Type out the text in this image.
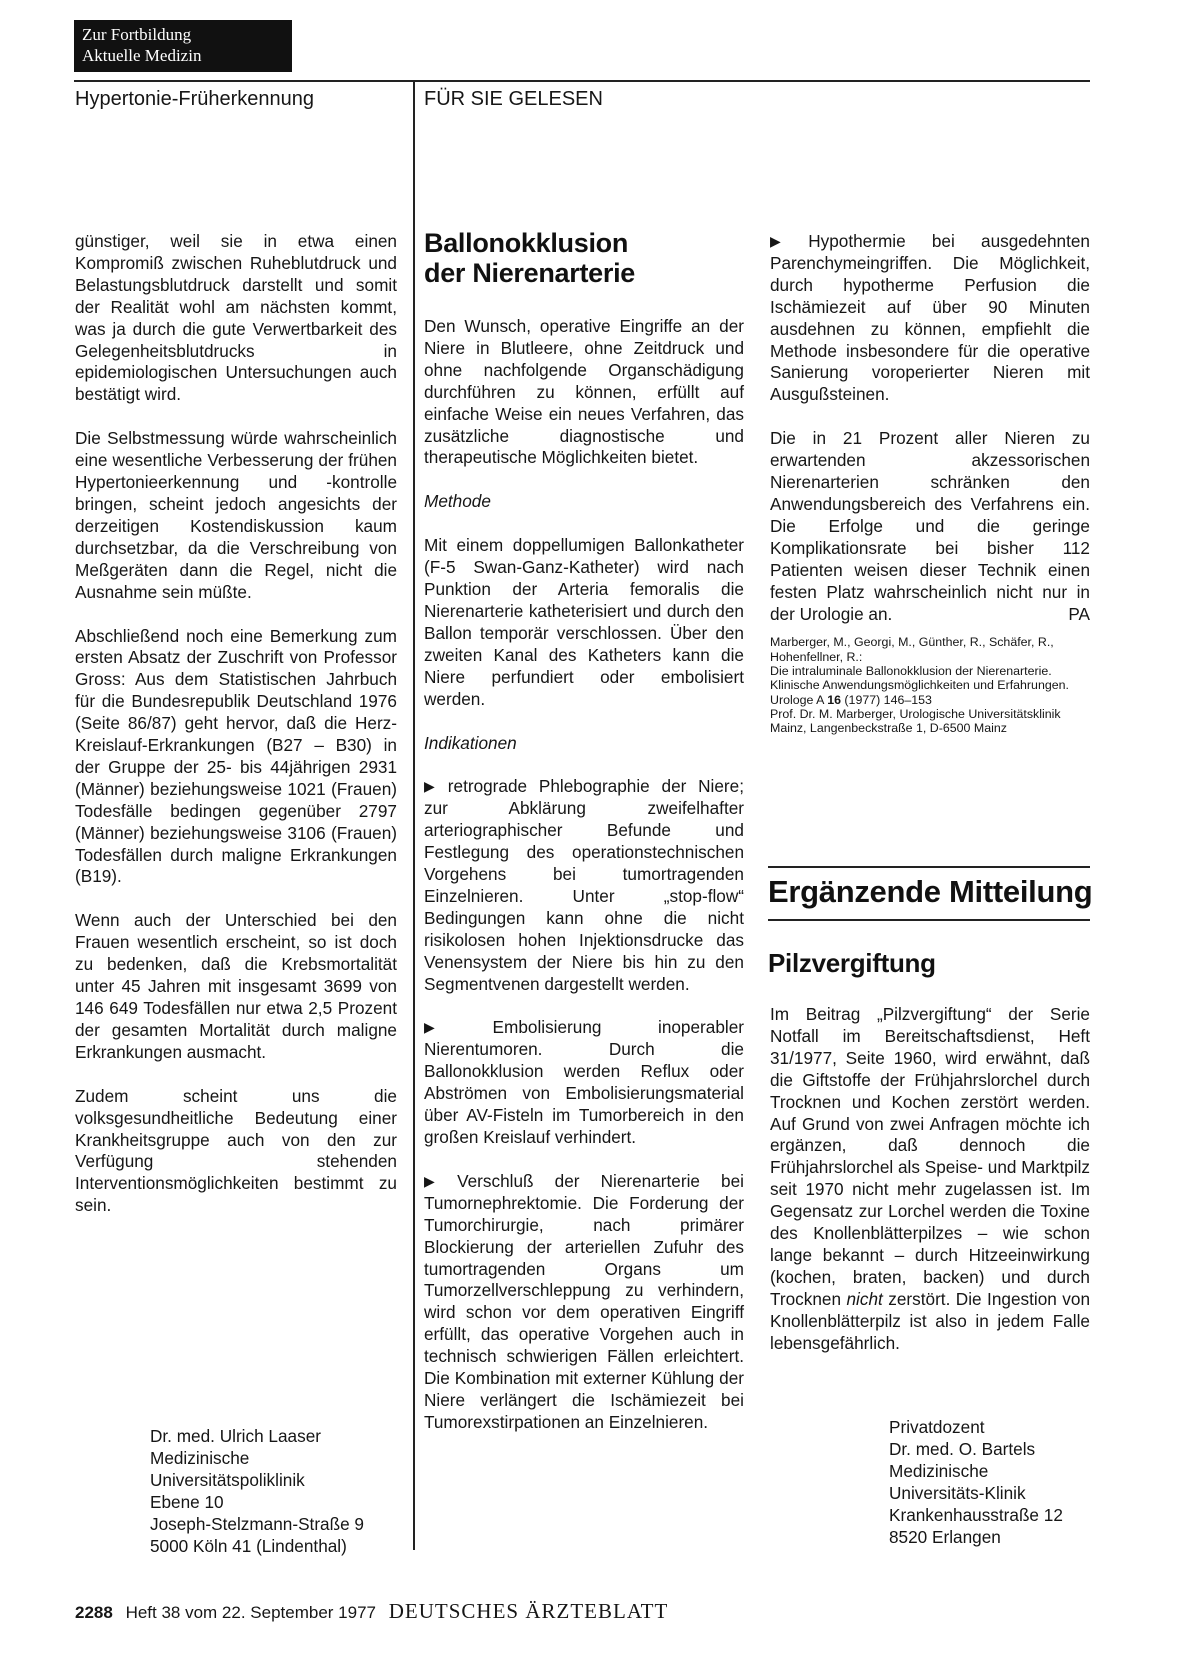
Zur Fortbildung
Aktuelle Medizin
Hypertonie-Früherkennung	FÜR SIE GELESEN

günstiger, weil sie in etwa einen Kompromiß zwischen Ruheblutdruck und Belastungsblutdruck darstellt und somit der Realität wohl am nächsten kommt, was ja durch die gute Verwertbarkeit des Gelegenheitsblutdrucks in epidemiologischen Untersuchungen auch bestätigt wird.

Die Selbstmessung würde wahrscheinlich eine wesentliche Verbesserung der frühen Hypertonieerkennung und -kontrolle bringen, scheint jedoch angesichts der derzeitigen Kostendiskussion kaum durchsetzbar, da die Verschreibung von Meßgeräten dann die Regel, nicht die Ausnahme sein müßte.

Abschließend noch eine Bemerkung zum ersten Absatz der Zuschrift von Professor Gross: Aus dem Statistischen Jahrbuch für die Bundesrepublik Deutschland 1976 (Seite 86/87) geht hervor, daß die Herz-Kreislauf-Erkrankungen (B27 – B30) in der Gruppe der 25- bis 44jährigen 2931 (Männer) beziehungsweise 1021 (Frauen) Todesfälle bedingen gegenüber 2797 (Männer) beziehungsweise 3106 (Frauen) Todesfällen durch maligne Erkrankungen (B19).

Wenn auch der Unterschied bei den Frauen wesentlich erscheint, so ist doch zu bedenken, daß die Krebsmortalität unter 45 Jahren mit insgesamt 3699 von 146 649 Todesfällen nur etwa 2,5 Prozent der gesamten Mortalität durch maligne Erkrankungen ausmacht.

Zudem scheint uns die volksgesundheitliche Bedeutung einer Krankheitsgruppe auch von den zur Verfügung stehenden Interventionsmöglichkeiten bestimmt zu sein.

Dr. med. Ulrich Laaser
Medizinische
Universitätspoliklinik
Ebene 10
Joseph-Stelzmann-Straße 9
5000 Köln 41 (Lindenthal)
Ballonokklusion
der Nierenarterie

Den Wunsch, operative Eingriffe an der Niere in Blutleere, ohne Zeitdruck und ohne nachfolgende Organschädigung durchführen zu können, erfüllt auf einfache Weise ein neues Verfahren, das zusätzliche diagnostische und therapeutische Möglichkeiten bietet.

Methode

Mit einem doppellumigen Ballonkatheter (F-5 Swan-Ganz-Katheter) wird nach Punktion der Arteria femoralis die Nierenarterie katheterisiert und durch den Ballon temporär verschlossen. Über den zweiten Kanal des Katheters kann die Niere perfundiert oder embolisiert werden.

Indikationen

▶ retrograde Phlebographie der Niere; zur Abklärung zweifelhafter arteriographischer Befunde und Festlegung des operationstechnischen Vorgehens bei tumortragenden Einzelnieren. Unter „stop-flow“ Bedingungen kann ohne die nicht risikolosen hohen Injektionsdrucke das Venensystem der Niere bis hin zu den Segmentvenen dargestellt werden.

▶ Embolisierung inoperabler Nierentumoren. Durch die Ballonokklusion werden Reflux oder Abströmen von Embolisierungsmaterial über AV-Fisteln im Tumorbereich in den großen Kreislauf verhindert.

▶ Verschluß der Nierenarterie bei Tumornephrektomie. Die Forderung der Tumorchirurgie, nach primärer Blockierung der arteriellen Zufuhr des tumortragenden Organs um Tumorzellverschleppung zu verhindern, wird schon vor dem operativen Eingriff erfüllt, das operative Vorgehen auch in technisch schwierigen Fällen erleichtert. Die Kombination mit externer Kühlung der Niere verlängert die Ischämiezeit bei Tumorexstirpationen an Einzelnieren.

▶ Hypothermie bei ausgedehnten Parenchymeingriffen. Die Möglichkeit, durch hypotherme Perfusion die Ischämiezeit auf über 90 Minuten ausdehnen zu können, empfiehlt die Methode insbesondere für die operative Sanierung voroperierter Nieren mit Ausgußsteinen.

Die in 21 Prozent aller Nieren zu erwartenden akzessorischen Nierenarterien schränken den Anwendungsbereich des Verfahrens ein. Die Erfolge und die geringe Komplikationsrate bei bisher 112 Patienten weisen dieser Technik einen festen Platz wahrscheinlich nicht nur in der Urologie an.	PA

Marberger, M., Georgi, M., Günther, R., Schäfer, R., Hohenfellner, R.:
Die intraluminale Ballonokklusion der Nierenarterie. Klinische Anwendungsmöglichkeiten und Erfahrungen.
Urologe A 16 (1977) 146–153
Prof. Dr. M. Marberger, Urologische Universitätsklinik Mainz, Langenbeckstraße 1, D-6500 Mainz
Ergänzende Mitteilung
Pilzvergiftung

Im Beitrag „Pilzvergiftung“ der Serie Notfall im Bereitschaftsdienst, Heft 31/1977, Seite 1960, wird erwähnt, daß die Giftstoffe der Frühjahrslorchel durch Trocknen und Kochen zerstört werden. Auf Grund von zwei Anfragen möchte ich ergänzen, daß dennoch die Frühjahrslorchel als Speise- und Marktpilz seit 1970 nicht mehr zugelassen ist. Im Gegensatz zur Lorchel werden die Toxine des Knollenblätterpilzes – wie schon lange bekannt – durch Hitzeeinwirkung (kochen, braten, backen) und durch Trocknen nicht zerstört. Die Ingestion von Knollenblätterpilz ist also in jedem Falle lebensgefährlich.

Privatdozent
Dr. med. O. Bartels
Medizinische
Universitäts-Klinik
Krankenhausstraße 12
8520 Erlangen
2288 Heft 38 vom 22. September 1977 DEUTSCHES ÄRZTEBLATT
